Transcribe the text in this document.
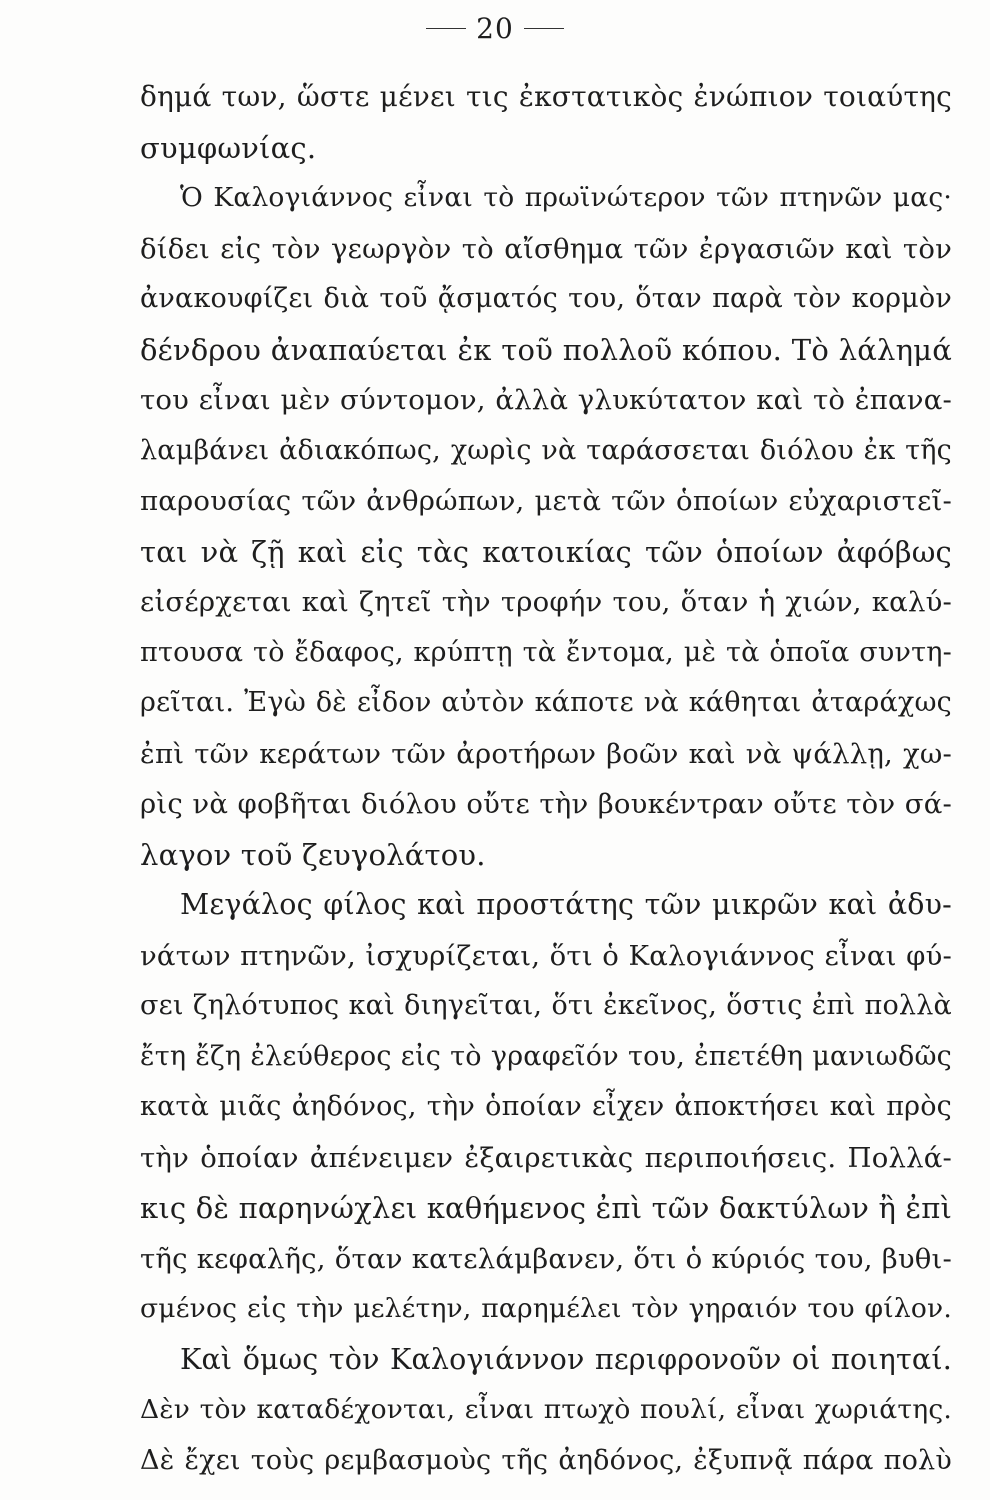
20
δημά των, ὥστε μένει τις ἐκστατικὸς ἐνώπιον τοιαύτης
συμφωνίας.
Ὁ Καλογιάννος εἶναι τὸ πρωϊνώτερον τῶν πτηνῶν μας·
δίδει εἰς τὸν γεωργὸν τὸ αἴσθημα τῶν ἐργασιῶν καὶ τὸν
ἀνακουφίζει διὰ τοῦ ᾄσματός του, ὅταν παρὰ τὸν κορμὸν
δένδρου ἀναπαύεται ἐκ τοῦ πολλοῦ κόπου. Τὸ λάλημά
του εἶναι μὲν σύντομον, ἀλλὰ γλυκύτατον καὶ τὸ ἐπανα-
λαμβάνει ἀδιακόπως, χωρὶς νὰ ταράσσεται διόλου ἐκ τῆς
παρουσίας τῶν ἀνθρώπων, μετὰ τῶν ὁποίων εὐχαριστεῖ-
ται νὰ ζῇ καὶ εἰς τὰς κατοικίας τῶν ὁποίων ἀφόβως
εἰσέρχεται καὶ ζητεῖ τὴν τροφήν του, ὅταν ἡ χιών, καλύ-
πτουσα τὸ ἔδαφος, κρύπτῃ τὰ ἔντομα, μὲ τὰ ὁποῖα συντη-
ρεῖται. Ἐγὼ δὲ εἶδον αὐτὸν κάποτε νὰ κάθηται ἀταράχως
ἐπὶ τῶν κεράτων τῶν ἀροτήρων βοῶν καὶ νὰ ψάλλῃ, χω-
ρὶς νὰ φοβῆται διόλου οὔτε τὴν βουκέντραν οὔτε τὸν σά-
λαγον τοῦ ζευγολάτου.
Μεγάλος φίλος καὶ προστάτης τῶν μικρῶν καὶ ἀδυ-
νάτων πτηνῶν, ἰσχυρίζεται, ὅτι ὁ Καλογιάννος εἶναι φύ-
σει ζηλότυπος καὶ διηγεῖται, ὅτι ἐκεῖνος, ὅστις ἐπὶ πολλὰ
ἔτη ἔζη ἐλεύθερος εἰς τὸ γραφεῖόν του, ἐπετέθη μανιωδῶς
κατὰ μιᾶς ἀηδόνος, τὴν ὁποίαν εἶχεν ἀποκτήσει καὶ πρὸς
τὴν ὁποίαν ἀπένειμεν ἐξαιρετικὰς περιποιήσεις. Πολλά-
κις δὲ παρηνώχλει καθήμενος ἐπὶ τῶν δακτύλων ἢ ἐπὶ
τῆς κεφαλῆς, ὅταν κατελάμβανεν, ὅτι ὁ κύριός του, βυθι-
σμένος εἰς τὴν μελέτην, παρημέλει τὸν γηραιόν του φίλον.
Καὶ ὅμως τὸν Καλογιάννον περιφρονοῦν οἱ ποιηταί.
Δὲν τὸν καταδέχονται, εἶναι πτωχὸ πουλί, εἶναι χωριάτης.
Δὲ ἔχει τοὺς ρεμβασμοὺς τῆς ἀηδόνος, ἐξυπνᾷ πάρα πολὺ
